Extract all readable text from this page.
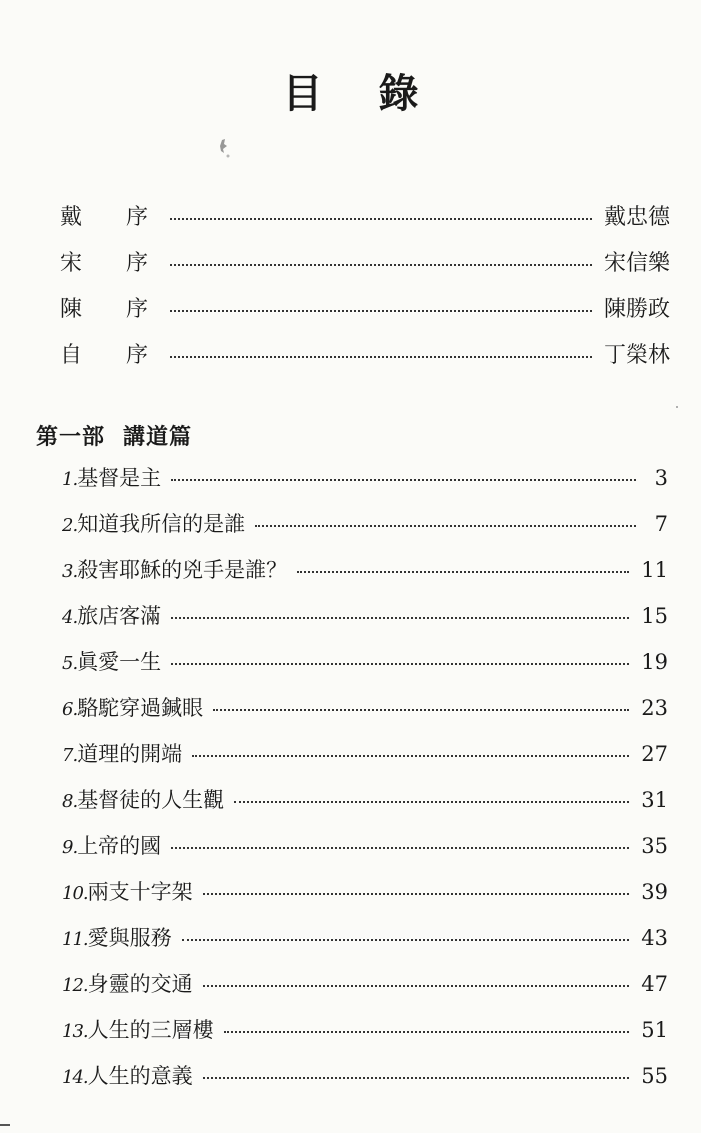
目錄
戴 序	戴忠德
宋 序	宋信樂
陳 序	陳勝政
自 序	丁榮林
第一部 講道篇
1. 基督是主	3
2. 知道我所信的是誰	7
3. 殺害耶穌的兇手是誰？	11
4. 旅店客滿	15
5. 眞愛一生	19
6. 駱駝穿過鍼眼	23
7. 道理的開端	27
8. 基督徒的人生觀	31
9. 上帝的國	35
10. 兩支十字架	39
11. 愛與服務	43
12. 身靈的交通	47
13. 人生的三層樓	51
14. 人生的意義	55
